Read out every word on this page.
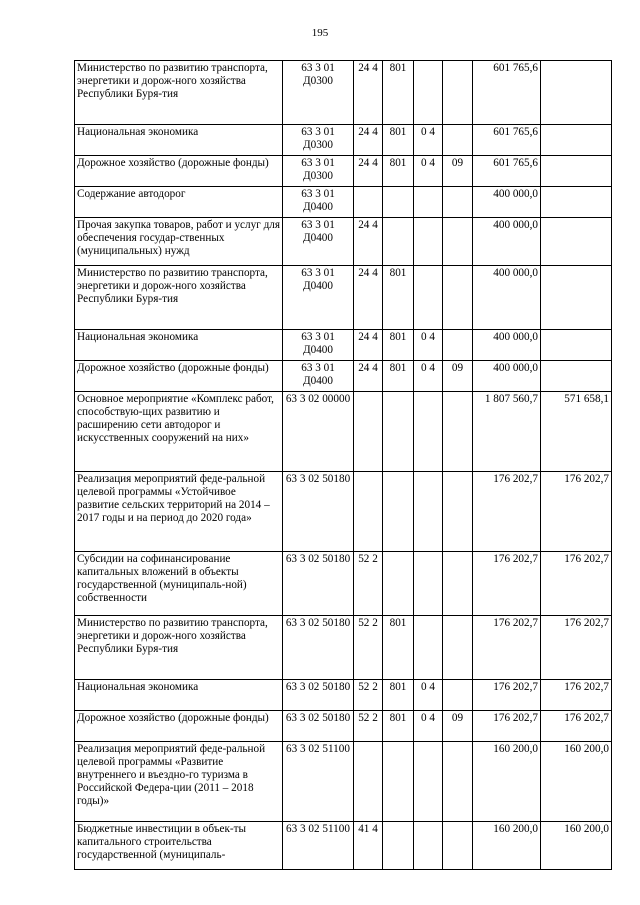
195
Министерство по развитию транспорта, энергетики и дорож-ного хозяйства Республики Буря-тия	63 3 01 Д0300	24 4	801			601 765,6	
Национальная экономика	63 3 01 Д0300	24 4	801	0 4		601 765,6	
Дорожное хозяйство (дорожные фонды)	63 3 01 Д0300	24 4	801	0 4	09	601 765,6	
Содержание автодорог	63 3 01 Д0400					400 000,0	
Прочая закупка товаров, работ и услуг для обеспечения государ-ственных (муниципальных) нужд	63 3 01 Д0400	24 4				400 000,0	
Министерство по развитию транспорта, энергетики и дорож-ного хозяйства Республики Буря-тия	63 3 01 Д0400	24 4	801			400 000,0	
Национальная экономика	63 3 01 Д0400	24 4	801	0 4		400 000,0	
Дорожное хозяйство (дорожные фонды)	63 3 01 Д0400	24 4	801	0 4	09	400 000,0	
Основное мероприятие «Комплекс работ, способствую-щих развитию и расширению сети автодорог и искусственных сооружений на них»	63 3 02 00000					1 807 560,7	571 658,1
Реализация мероприятий феде-ральной целевой программы «Устойчивое развитие сельских территорий на 2014 – 2017 годы и на период до 2020 года»	63 3 02 50180					176 202,7	176 202,7
Субсидии на софинансирование капитальных вложений в объекты государственной (муниципаль-ной) собственности	63 3 02 50180	52 2				176 202,7	176 202,7
Министерство по развитию транспорта, энергетики и дорож-ного хозяйства Республики Буря-тия	63 3 02 50180	52 2	801			176 202,7	176 202,7
Национальная экономика	63 3 02 50180	52 2	801	0 4		176 202,7	176 202,7
Дорожное хозяйство (дорожные фонды)	63 3 02 50180	52 2	801	0 4	09	176 202,7	176 202,7
Реализация мероприятий феде-ральной целевой программы «Развитие внутреннего и въездно-го туризма в Российской Федера-ции (2011 – 2018 годы)»	63 3 02 51100					160 200,0	160 200,0
Бюджетные инвестиции в объек-ты капитального строительства государственной (муниципаль-	63 3 02 51100	41 4				160 200,0	160 200,0
